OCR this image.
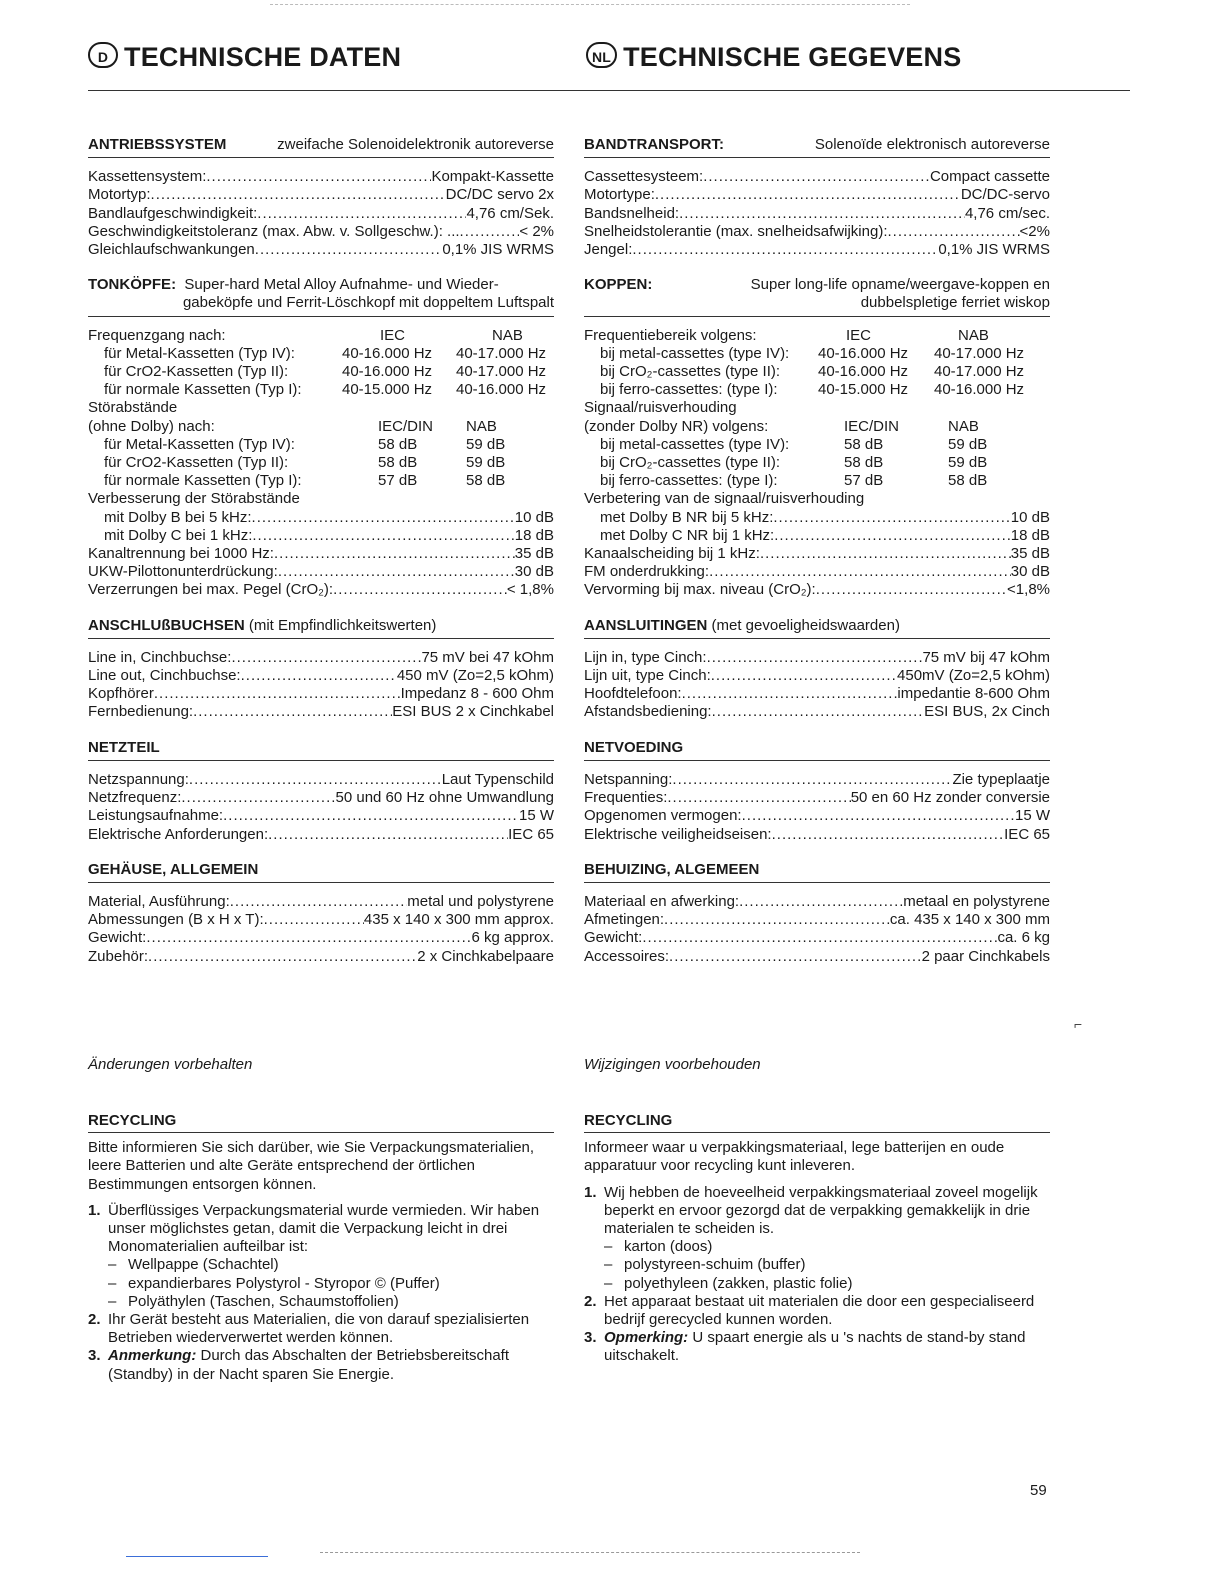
D TECHNISCHE DATEN	NL TECHNISCHE GEGEVENS
ANTRIEBSSYSTEM	zweifache Solenoidelektronik autoreverse
Kassettensystem: .....	Kompakt-Kassette
Motortyp: .....	DC/DC servo 2x
Bandlaufgeschwindigkeit: .....	4,76 cm/Sek.
Geschwindigkeitstoleranz (max. Abw. v. Sollgeschw.): ... .....	< 2%
Gleichlaufschwankungen .....	0,1% JIS WRMS
TONKÖPFE: Super-hard Metal Alloy Aufnahme- und Wieder-
gabeköpfe und Ferrit-Löschkopf mit doppeltem Luftspalt
Frequenzgang nach:	IEC	NAB
für Metal-Kassetten (Typ IV):	40-16.000 Hz	40-17.000 Hz
für CrO2-Kassetten (Typ II):	40-16.000 Hz	40-17.000 Hz
für normale Kassetten (Typ I):	40-15.000 Hz	40-16.000 Hz
Störabstände
(ohne Dolby) nach:	IEC/DIN	NAB
für Metal-Kassetten (Typ IV):	58 dB	59 dB
für CrO2-Kassetten (Typ II):	58 dB	59 dB
für normale Kassetten (Typ I):	57 dB	58 dB
Verbesserung der Störabstände
mit Dolby B bei 5 kHz: .....	10 dB
mit Dolby C bei 1 kHz: .....	18 dB
Kanaltrennung bei 1000 Hz: .....	35 dB
UKW-Pilottonunterdrückung: .....	30 dB
Verzerrungen bei max. Pegel (CrO₂): .....	< 1,8%
ANSCHLUßBUCHSEN
(mit Empfindlichkeitswerten)
Line in, Cinchbuchse: .....	75 mV bei 47 kOhm
Line out, Cinchbuchse: .....	450 mV (Zo=2,5 kOhm)
Kopfhörer .....	Impedanz 8 - 600 Ohm
Fernbedienung: .....	ESI BUS 2 x Cinchkabel
NETZTEIL
Netzspannung: .....	Laut Typenschild
Netzfrequenz: .....	50 und 60 Hz ohne Umwandlung
Leistungsaufnahme: .....	15 W
Elektrische Anforderungen: .....	IEC 65
GEHÄUSE, ALLGEMEIN
Material, Ausführung: .....	metal und polystyrene
Abmessungen (B x H x T): .....	435 x 140 x 300 mm approx.
Gewicht: .....	6 kg approx.
Zubehör: .....	2 x Cinchkabelpaare
BANDTRANSPORT:	Solenoïde elektronisch autoreverse
Cassettesysteem: .....	Compact cassette
Motortype: .....	DC/DC-servo
Bandsnelheid: .....	4,76 cm/sec.
Snelheidstolerantie (max. snelheidsafwijking): .....	<2%
Jengel: .....	0,1% JIS WRMS
KOPPEN:	Super long-life opname/weergave-koppen en
dubbelspletige ferriet wiskop
Frequentiebereik volgens:	IEC	NAB
bij metal-cassettes (type IV):	40-16.000 Hz	40-17.000 Hz
bij CrO₂-cassettes (type II):	40-16.000 Hz	40-17.000 Hz
bij ferro-cassettes: (type I):	40-15.000 Hz	40-16.000 Hz
Signaal/ruisverhouding
(zonder Dolby NR) volgens:	IEC/DIN	NAB
bij metal-cassettes (type IV):	58 dB	59 dB
bij CrO₂-cassettes (type II):	58 dB	59 dB
bij ferro-cassettes: (type I):	57 dB	58 dB
Verbetering van de signaal/ruisverhouding
met Dolby B NR bij 5 kHz: .....	10 dB
met Dolby C NR bij 1 kHz: .....	18 dB
Kanaalscheiding bij 1 kHz: .....	35 dB
FM onderdrukking: .....	30 dB
Vervorming bij max. niveau (CrO₂): .....	<1,8%
AANSLUITINGEN
(met gevoeligheidswaarden)
Lijn in, type Cinch: .....	75 mV bij 47 kOhm
Lijn uit, type Cinch: .....	450mV (Zo=2,5 kOhm)
Hoofdtelefoon: .....	impedantie 8-600 Ohm
Afstandsbediening: .....	ESI BUS, 2x Cinch
NETVOEDING
Netspanning: .....	Zie typeplaatje
Frequenties: .....	50 en 60 Hz zonder conversie
Opgenomen vermogen: .....	15 W
Elektrische veiligheidseisen: .....	IEC 65
BEHUIZING, ALGEMEEN
Materiaal en afwerking: .....	metaal en polystyrene
Afmetingen: .....	ca. 435 x 140 x 300 mm
Gewicht: .....	ca. 6 kg
Accessoires: .....	2 paar Cinchkabels
⌐
Änderungen vorbehalten	Wijzigingen voorbehouden
RECYCLING

Bitte informieren Sie sich darüber, wie Sie Verpackungsmaterialien, leere Batterien und alte Geräte entsprechend der örtlichen Bestimmungen entsorgen können.

1. Überflüssiges Verpackungsmaterial wurde vermieden. Wir haben unser möglichstes getan, damit die Verpackung leicht in drei Monomaterialien aufteilbar ist:
– Wellpappe (Schachtel)
– expandierbares Polystyrol - Styropor © (Puffer)
– Polyäthylen (Taschen, Schaumstoffolien)
2. Ihr Gerät besteht aus Materialien, die von darauf spezialisierten Betrieben wiederverwertet werden können.
3. Anmerkung: Durch das Abschalten der Betriebsbereitschaft (Standby) in der Nacht sparen Sie Energie.
RECYCLING

Informeer waar u verpakkingsmateriaal, lege batterijen en oude apparatuur voor recycling kunt inleveren.

1. Wij hebben de hoeveelheid verpakkingsmateriaal zoveel mogelijk beperkt en ervoor gezorgd dat de verpakking gemakkelijk in drie materialen te scheiden is.
– karton (doos)
– polystyreen-schuim (buffer)
– polyethyleen (zakken, plastic folie)
2. Het apparaat bestaat uit materialen die door een gespecialiseerd bedrijf gerecycled kunnen worden.
3. Opmerking: U spaart energie als u 's nachts de stand-by stand uitschakelt.
59
